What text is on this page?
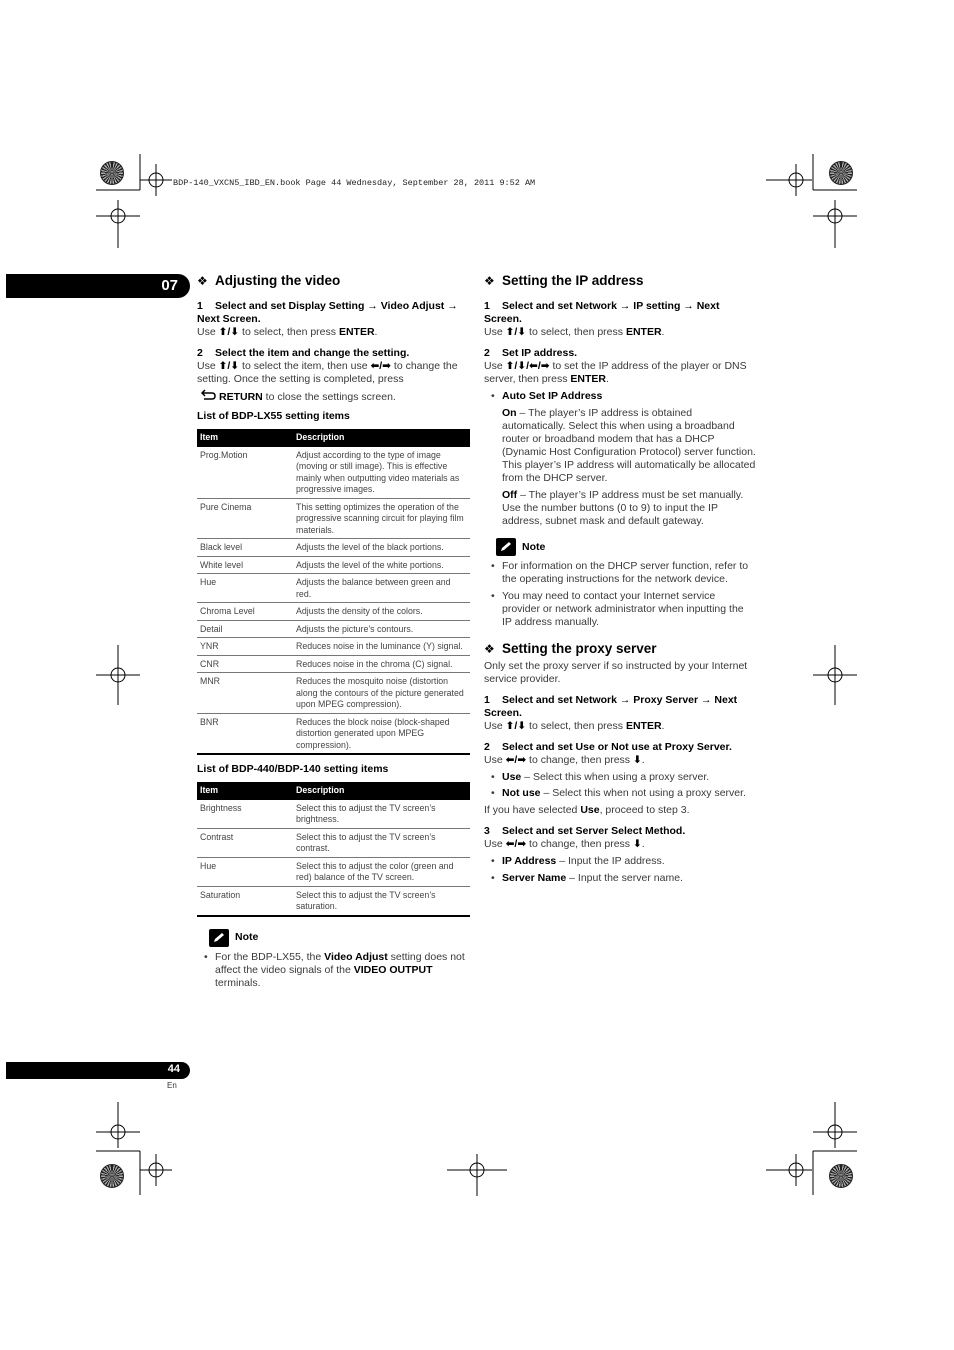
BDP-140_VXCN5_IBD_EN.book Page 44 Wednesday, September 28, 2011 9:52 AM
07 ❖ Adjusting the video

1 Select and set Display Setting → Video Adjust → Next Screen.

Use ⬆/⬇ to select, then press ENTER.

2 Select the item and change the setting.

Use ⬆/⬇ to select the item, then use ⬅/➡ to change the setting. Once the setting is completed, press

RETURN to close the settings screen.

List of BDP-LX55 setting items

Item	Description
Prog.Motion	Adjust according to the type of image (moving or still image). This is effective mainly when outputting video materials as progressive images.
Pure Cinema	This setting optimizes the operation of the progressive scanning circuit for playing film materials.
Black level	Adjusts the level of the black portions.
White level	Adjusts the level of the white portions.
Hue	Adjusts the balance between green and red.
Chroma Level	Adjusts the density of the colors.
Detail	Adjusts the picture’s contours.
YNR	Reduces noise in the luminance (Y) signal.
CNR	Reduces noise in the chroma (C) signal.
MNR	Reduces the mosquito noise (distortion along the contours of the picture generated upon MPEG compression).
BNR	Reduces the block noise (block-shaped distortion generated upon MPEG compression).

List of BDP-440/BDP-140 setting items

Item	Description
Brightness	Select this to adjust the TV screen’s brightness.
Contrast	Select this to adjust the TV screen’s contrast.
Hue	Select this to adjust the color (green and red) balance of the TV screen.
Saturation	Select this to adjust the TV screen’s saturation.
Note
• For the BDP-LX55, the Video Adjust setting does not affect the video signals of the VIDEO OUTPUT terminals.
❖ Setting the IP address

1 Select and set Network → IP setting → Next Screen.

Use ⬆/⬇ to select, then press ENTER.

2 Set IP address.

Use ⬆/⬇/⬅/➡ to set the IP address of the player or DNS server, then press ENTER.

• Auto Set IP Address

On – The player’s IP address is obtained automatically. Select this when using a broadband router or broadband modem that has a DHCP (Dynamic Host Configuration Protocol) server function. This player’s IP address will automatically be allocated from the DHCP server.

Off – The player’s IP address must be set manually. Use the number buttons (0 to 9) to input the IP address, subnet mask and default gateway.

Note
• For information on the DHCP server function, refer to the operating instructions for the network device.
• You may need to contact your Internet service provider or network administrator when inputting the IP address manually.
❖ Setting the proxy server

Only set the proxy server if so instructed by your Internet service provider.

1 Select and set Network → Proxy Server → Next Screen.

Use ⬆/⬇ to select, then press ENTER.

2 Select and set Use or Not use at Proxy Server.

Use ⬅/➡ to change, then press ⬇.

• Use – Select this when using a proxy server.
• Not use – Select this when not using a proxy server.

If you have selected Use, proceed to step 3.

3 Select and set Server Select Method.

Use ⬅/➡ to change, then press ⬇.

• IP Address – Input the IP address.
• Server Name – Input the server name.
44
En
